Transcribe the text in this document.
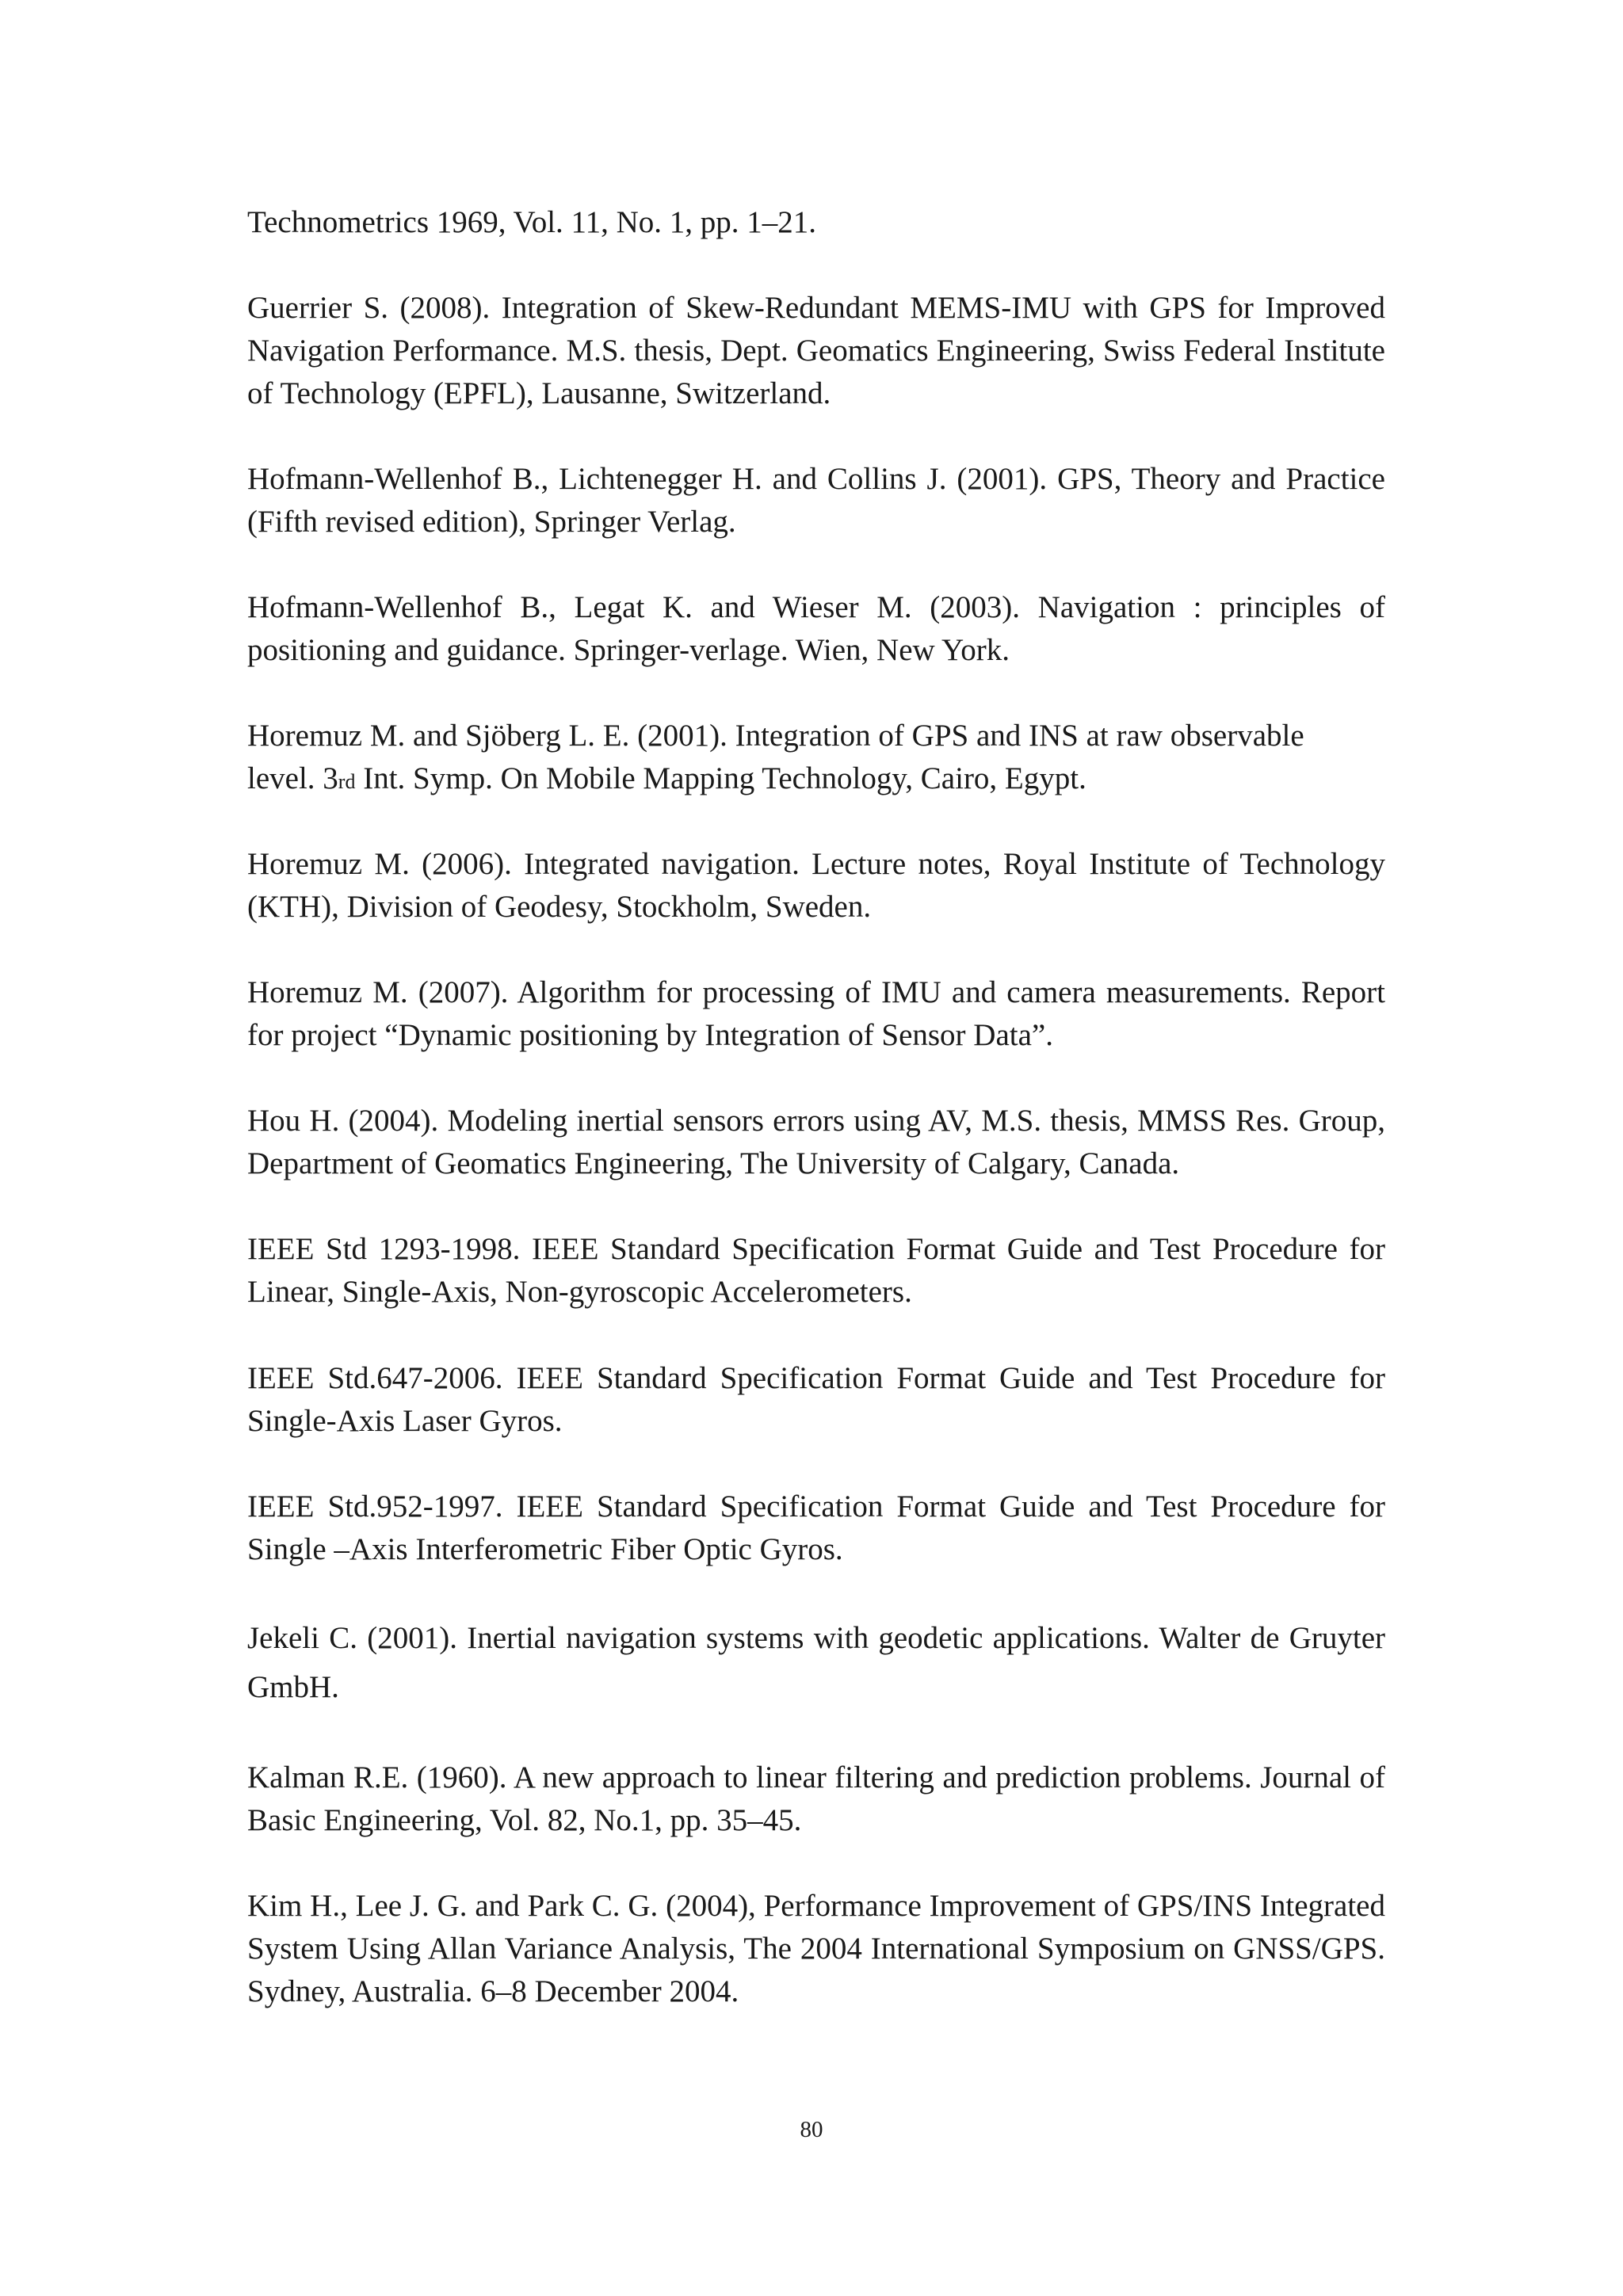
Technometrics 1969, Vol. 11, No. 1, pp. 1–21.

Guerrier S. (2008). Integration of Skew-Redundant MEMS-IMU with GPS for Improved Navigation Performance. M.S. thesis, Dept. Geomatics Engineering, Swiss Federal Institute of Technology (EPFL), Lausanne, Switzerland.

Hofmann-Wellenhof B., Lichtenegger H. and Collins J. (2001). GPS, Theory and Practice (Fifth revised edition), Springer Verlag.

Hofmann-Wellenhof B., Legat K. and Wieser M. (2003). Navigation : principles of positioning and guidance. Springer-verlage. Wien, New York.

Horemuz M. and Sjöberg L. E. (2001). Integration of GPS and INS at raw observable
level. 3rd Int. Symp. On Mobile Mapping Technology, Cairo, Egypt.

Horemuz M. (2006). Integrated navigation. Lecture notes, Royal Institute of Technology (KTH), Division of Geodesy, Stockholm, Sweden.

Horemuz M. (2007). Algorithm for processing of IMU and camera measurements. Report for project “Dynamic positioning by Integration of Sensor Data”.

Hou H. (2004). Modeling inertial sensors errors using AV, M.S. thesis, MMSS Res. Group, Department of Geomatics Engineering, The University of Calgary, Canada.

IEEE Std 1293-1998. IEEE Standard Specification Format Guide and Test Procedure for Linear, Single-Axis, Non-gyroscopic Accelerometers.

IEEE Std.647-2006. IEEE Standard Specification Format Guide and Test Procedure for Single-Axis Laser Gyros.

IEEE Std.952-1997. IEEE Standard Specification Format Guide and Test Procedure for Single –Axis Interferometric Fiber Optic Gyros.

Jekeli C. (2001). Inertial navigation systems with geodetic applications. Walter de Gruyter GmbH.

Kalman R.E. (1960). A new approach to linear filtering and prediction problems. Journal of Basic Engineering, Vol. 82, No.1, pp. 35–45.

Kim H., Lee J. G. and Park C. G. (2004), Performance Improvement of GPS/INS Integrated System Using Allan Variance Analysis, The 2004 International Symposium on GNSS/GPS. Sydney, Australia. 6–8 December 2004.

80
